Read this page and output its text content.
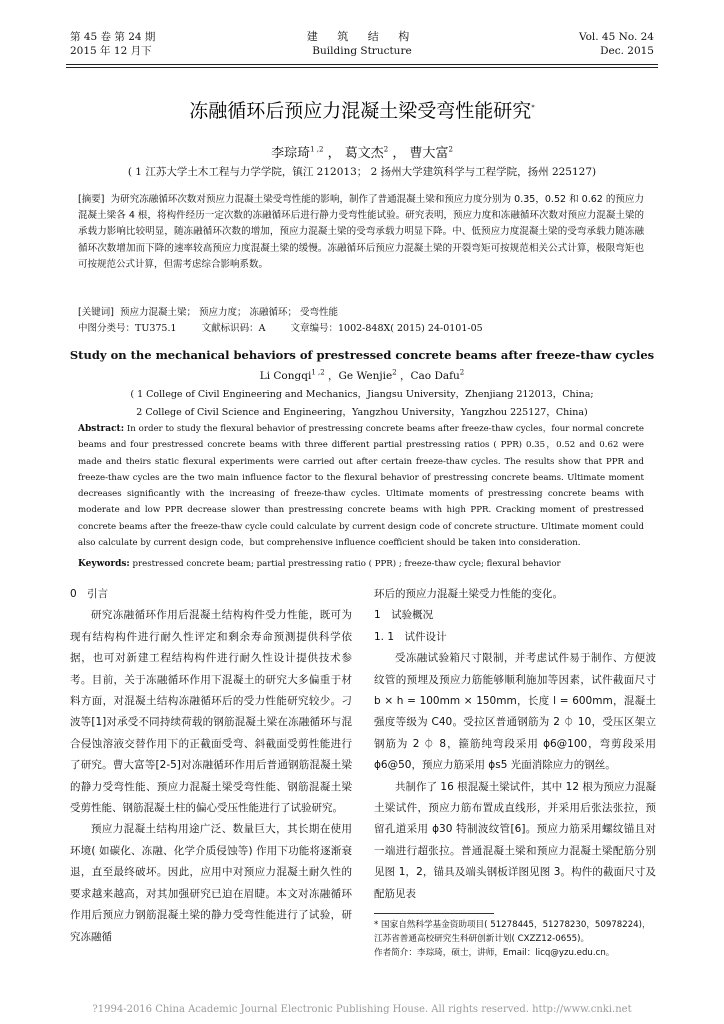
第 45 卷 第 24 期
2015 年 12 月下
建 筑 结 构
Building Structure
Vol. 45 No. 24
Dec. 2015
冻融循环后预应力混凝土梁受弯性能研究*
李琮琦$^{1 ,2}$ ， 葛文杰$^2$ ， 曹大富$^2$
( 1 江苏大学土木工程与力学学院，镇江 212013； 2 扬州大学建筑科学与工程学院，扬州 225127)
[摘要] 为研究冻融循环次数对预应力混凝土梁受弯性能的影响，制作了普通混凝土梁和预应力度分别为 0.35，0.52 和 0.62 的预应力混凝土梁各 4 根，将构件经历一定次数的冻融循环后进行静力受弯性能试验。研究表明，预应力度和冻融循环次数对预应力混凝土梁的承载力影响比较明显，随冻融循环次数的增加，预应力混凝土梁的受弯承载力明显下降。中、低预应力度混凝土梁的受弯承载力随冻融循环次数增加而下降的速率较高预应力度混凝土梁的缓慢。冻融循环后预应力混凝土梁的开裂弯矩可按规范相关公式计算，极限弯矩也可按规范公式计算，但需考虑综合影响系数。
[关键词] 预应力混凝土梁； 预应力度； 冻融循环； 受弯性能
中图分类号：TU375.1	文献标识码：A	文章编号：1002-848X( 2015) 24-0101-05
Study on the mechanical behaviors of prestressed concrete beams after freeze-thaw cycles
Li Congqi$^{1 ,2}$ ，Ge Wenjie$^2$ ，Cao Dafu$^2$
( 1 College of Civil Engineering and Mechanics，Jiangsu University，Zhenjiang 212013，China;
2 College of Civil Science and Engineering，Yangzhou University，Yangzhou 225127，China)
Abstract: In order to study the flexural behavior of prestressing concrete beams after freeze-thaw cycles，four normal concrete beams and four prestressed concrete beams with three different partial prestressing ratios ( PPR) 0.35，0.52 and 0.62 were made and theirs static flexural experiments were carried out after certain freeze-thaw cycles. The results show that PPR and freeze-thaw cycles are the two main influence factor to the flexural behavior of prestressing concrete beams. Ultimate moment decreases significantly with the increasing of freeze-thaw cycles. Ultimate moments of prestressing concrete beams with moderate and low PPR decrease slower than prestressing concrete beams with high PPR. Cracking moment of prestressed concrete beams after the freeze-thaw cycle could calculate by current design code of concrete structure. Ultimate moment could also calculate by current design code，but comprehensive influence coefficient should be taken into consideration.
Keywords: prestressed concrete beam; partial prestressing ratio ( PPR) ; freeze-thaw cycle; flexural behavior

0　引言

研究冻融循环作用后混凝土结构构件受力性能，既可为现有结构构件进行耐久性评定和剩余寿命预测提供科学依据，也可对新建工程结构构件进行耐久性设计提供技术参考。目前，关于冻融循环作用下混凝土的研究大多偏重于材料方面，对混凝土结构冻融循环后的受力性能研究较少。刁波等[1]对承受不同持续荷载的钢筋混凝土梁在冻融循环与混合侵蚀溶液交替作用下的正截面受弯、斜截面受剪性能进行了研究。曹大富等[2-5]对冻融循环作用后普通钢筋混凝土梁的静力受弯性能、预应力混凝土梁受弯性能、钢筋混凝土梁受剪性能、钢筋混凝土柱的偏心受压性能进行了试验研究。

预应力混凝土结构用途广泛、数量巨大，其长期在使用环境( 如碳化、冻融、化学介质侵蚀等) 作用下功能将逐渐衰退，直至最终破坏。因此，应用中对预应力混凝土耐久性的要求越来越高，对其加强研究已迫在眉睫。本文对冻融循环作用后预应力钢筋混凝土梁的静力受弯性能进行了试验，研究冻融循

环后的预应力混凝土梁受力性能的变化。

1　试验概况

1. 1　试件设计

受冻融试验箱尺寸限制，并考虑试件易于制作、方便波纹管的预埋及预应力筋能够顺利施加等因素，试件截面尺寸 b × h = 100mm × 150mm，长度 l = 600mm，混凝土强度等级为 C40。受拉区普通钢筋为 2 ⏀ 10，受压区架立钢筋为 2 ⏀ 8，箍筋纯弯段采用 ϕ6@100，弯剪段采用 ϕ6@50，预应力筋采用 ϕs5 光面消除应力的钢丝。

共制作了 16 根混凝土梁试件，其中 12 根为预应力混凝土梁试件，预应力筋布置成直线形，并采用后张法张拉，预留孔道采用 ϕ30 特制波纹管[6]。预应力筋采用螺纹锚且对一端进行超张拉。普通混凝土梁和预应力混凝土梁配筋分别见图 1，2，锚具及端头钢板详图见图 3。构件的截面尺寸及配筋见表

* 国家自然科学基金资助项目( 51278445，51278230，50978224)，江苏省普通高校研究生科研创新计划( CXZZ12-0655)。
作者简介：李琮琦，硕士，讲师，Email：licq@yzu.edu.cn。
?1994-2016 China Academic Journal Electronic Publishing House. All rights reserved. http://www.cnki.net
